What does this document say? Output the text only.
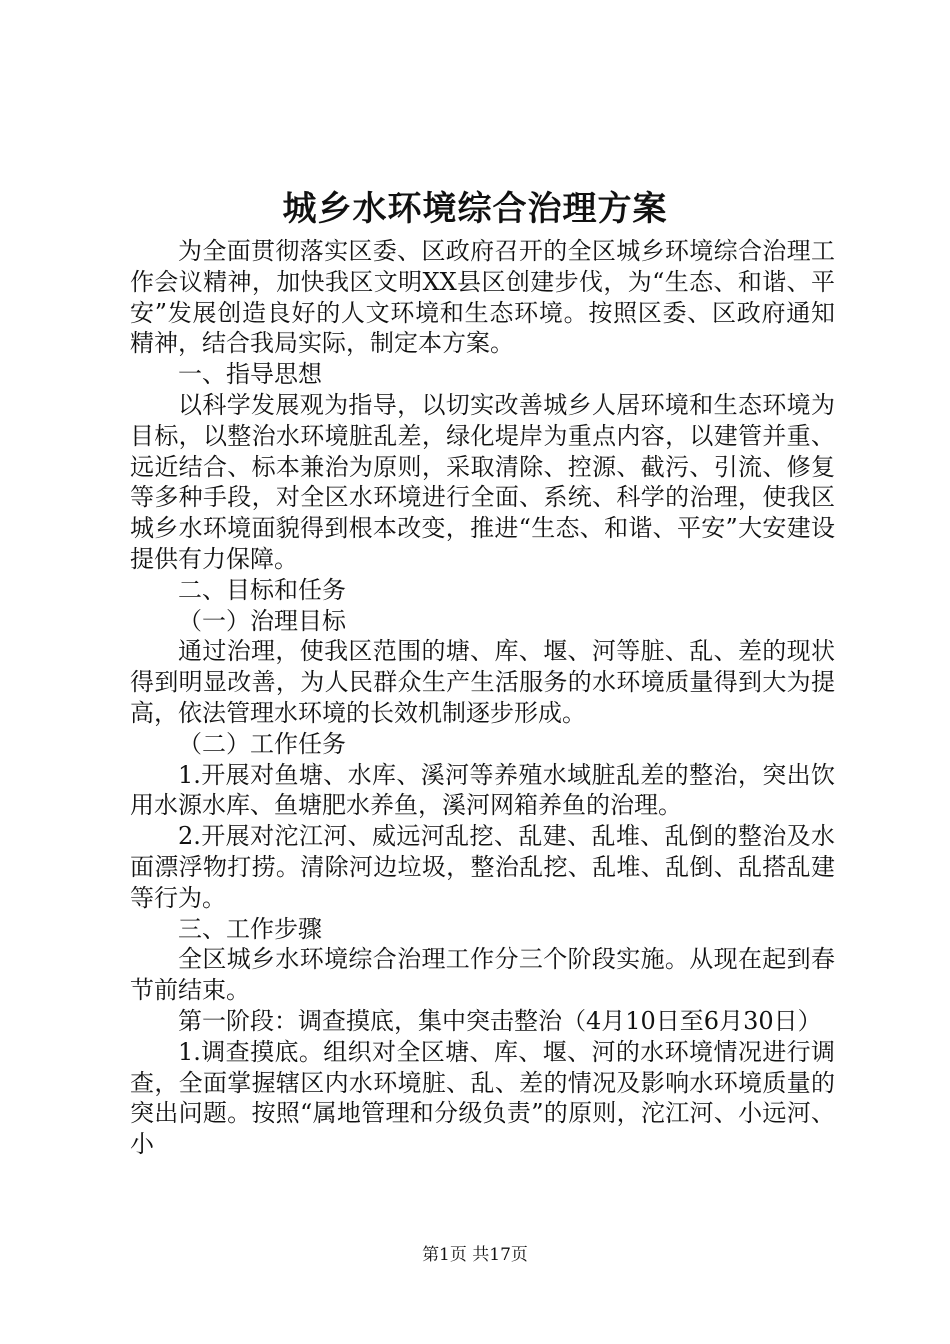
城乡水环境综合治理方案

为全面贯彻落实区委、区政府召开的全区城乡环境综合治理工作会议精神，加快我区文明XX县区创建步伐，为“生态、和谐、平安”发展创造良好的人文环境和生态环境。按照区委、区政府通知精神，结合我局实际，制定本方案。

一、指导思想

以科学发展观为指导，以切实改善城乡人居环境和生态环境为目标，以整治水环境脏乱差，绿化堤岸为重点内容，以建管并重、远近结合、标本兼治为原则，采取清除、控源、截污、引流、修复等多种手段，对全区水环境进行全面、系统、科学的治理，使我区城乡水环境面貌得到根本改变，推进“生态、和谐、平安”大安建设提供有力保障。

二、目标和任务

（一）治理目标

通过治理，使我区范围的塘、库、堰、河等脏、乱、差的现状得到明显改善，为人民群众生产生活服务的水环境质量得到大为提高，依法管理水环境的长效机制逐步形成。

（二）工作任务

1.开展对鱼塘、水库、溪河等养殖水域脏乱差的整治，突出饮用水源水库、鱼塘肥水养鱼，溪河网箱养鱼的治理。

2.开展对沱江河、威远河乱挖、乱建、乱堆、乱倒的整治及水面漂浮物打捞。清除河边垃圾，整治乱挖、乱堆、乱倒、乱搭乱建等行为。

三、工作步骤

全区城乡水环境综合治理工作分三个阶段实施。从现在起到春节前结束。

第一阶段：调查摸底，集中突击整治（4月10日至6月30日）

1.调查摸底。组织对全区塘、库、堰、河的水环境情况进行调查，全面掌握辖区内水环境脏、乱、差的情况及影响水环境质量的突出问题。按照“属地管理和分级负责”的原则，沱江河、小远河、小

第1页 共17页
